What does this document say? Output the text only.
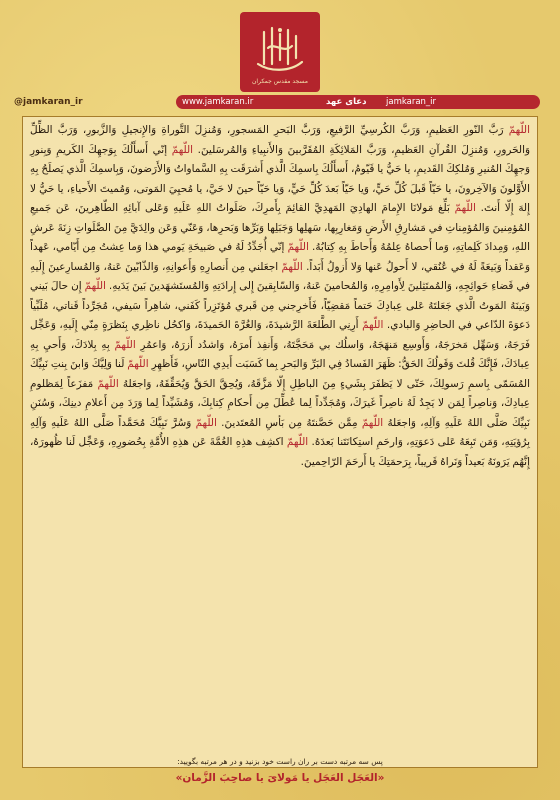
مسجد مقدس جمکران
www.jamkaran.ir	دعای عهد jamkaran_ir
@jamkaran_ir
اللّهمّ رَبَّ النّورِ العَظيمِ، وَرَبَّ الكُرسِيِّ الرَّفيعِ، وَرَبَّ البَحرِ المَسجورِ، وَمُنزِلَ التَّوراةِ وَالإِنجيلِ وَالزَّبورِ، وَرَبَّ الظِّلِّ وَالحَرورِ، وَمُنزِلَ القُرآنِ العَظيمِ، وَرَبَّ المَلائِكَةِ المُقَرَّبينَ وَالأَنبِياءِ وَالمُرسَلينَ. اللّهمّ إنّي أَسأَلُكَ بِوَجهِكَ الكَريمِ وَبِنورِ وَجهِكَ المُنيرِ وَمُلكِكَ القَديمِ، يا حَيُّ يا قَيّومُ، أَسأَلُكَ بِاسمِكَ الَّذي أَشرَقَت بِهِ السَّماواتُ وَالأَرَضونَ، وَبِاسمِكَ الَّذي يَصلَحُ بِهِ الأَوَّلونَ وَالآخِرونَ، يا حَيّاً قَبلَ كُلِّ حَيٍّ، وَيا حَيّاً بَعدَ كُلِّ حَيٍّ، وَيا حَيّاً حينَ لا حَيَّ، يا مُحيِيَ المَوتى، وَمُميتَ الأَحياءِ، يا حَيُّ لا إِلهَ إِلّا أَنتَ. اللّهمّ بَلِّغ مَولانَا الإِمامَ الهادِيَ المَهدِيَّ القائِمَ بِأَمرِكَ، صَلَواتُ اللهِ عَلَيهِ وَعَلى آبائِهِ الطّاهِرينَ، عَن جَميعِ المُؤمِنينَ وَالمُؤمِناتِ في مَشارِقِ الأَرضِ وَمَغارِبِها، سَهلِها وَجَبَلِها وَبَرِّها وَبَحرِها، وَعَنّي وَعَن والِدَيَّ مِنَ الصَّلَواتِ زِنَةَ عَرشِ اللهِ، وَمِدادَ كَلِماتِهِ، وَما أَحصاهُ عِلمُهُ وَأَحاطَ بِهِ كِتابُهُ. اللّهمّ إنّي أُجَدِّدُ لَهُ في صَبيحَةِ يَومي هذا وَما عِشتُ مِن أَيّامي، عَهداً وَعَقداً وَبَيعَةً لَهُ في عُنُقي، لا أَحولُ عَنها وَلا أَزولُ أَبَداً. اللّهمّ اجعَلني مِن أَنصارِهِ وَأَعوانِهِ، وَالذّابّينَ عَنهُ، وَالمُسارِعينَ إِلَيهِ في قَضاءِ حَوائِجِهِ، وَالمُمتَثِلينَ لِأَوامِرِهِ، وَالمُحامينَ عَنهُ، وَالسّابِقينَ إِلى إِرادَتِهِ وَالمُستَشهَدينَ بَينَ يَدَيهِ. اللّهمّ إِن حالَ بَيني وَبَينَهُ المَوتُ الَّذي جَعَلتَهُ عَلى عِبادِكَ حَتماً مَقضِيّاً، فَأَخرِجني مِن قَبري مُؤتَزِراً كَفَني، شاهِراً سَيفي، مُجَرِّداً قَناتي، مُلَبِّياً دَعوَةَ الدّاعي في الحاضِرِ وَالبادي. اللّهمّ أَرِنِي الطَّلعَةَ الرَّشيدَةَ، وَالغُرَّةَ الحَميدَةَ، وَاكحُل ناظِري بِنَظرَةٍ مِنّي إِلَيهِ، وَعَجِّل فَرَجَهُ، وَسَهِّل مَخرَجَهُ، وَأَوسِع مَنهَجَهُ، وَاسلُك بي مَحَجَّتَهُ، وَأَنفِذ أَمرَهُ، وَاشدُد أَزرَهُ، وَاعمُرِ اللّهمّ بِهِ بِلادَكَ، وَأَحيِ بِهِ عِبادَكَ، فَإِنَّكَ قُلتَ وَقَولُكَ الحَقُّ: ظَهَرَ الفَسادُ فِي البَرِّ وَالبَحرِ بِما كَسَبَت أَيدِي النّاسِ، فَأَظهِرِ اللّهمّ لَنا وَلِيَّكَ وَابنَ بِنتِ نَبِيِّكَ المُسَمّى بِاسمِ رَسولِكَ، حَتّى لا يَظفَرَ بِشَيءٍ مِنَ الباطِلِ إِلّا مَزَّقَهُ، وَيُحِقَّ الحَقَّ وَيُحَقِّقَهُ، وَاجعَلهُ اللّهمّ مَفزَعاً لِمَظلومِ عِبادِكَ، وَناصِراً لِمَن لا يَجِدُ لَهُ ناصِراً غَيرَكَ، وَمُجَدِّداً لِما عُطِّلَ مِن أَحكامِ كِتابِكَ، وَمُشَيِّداً لِما وَرَدَ مِن أَعلامِ دينِكَ، وَسُنَنِ نَبِيِّكَ صَلَّى اللهُ عَلَيهِ وَآلِهِ، وَاجعَلهُ اللّهمّ مِمَّن حَصَّنتَهُ مِن بَأسِ المُعتَدينَ. اللّهمّ وَسُرَّ نَبِيَّكَ مُحَمَّداً صَلَّى اللهُ عَلَيهِ وَآلِهِ بِرُؤيَتِهِ، وَمَن تَبِعَهُ عَلى دَعوَتِهِ، وَارحَمِ استِكانَتَنا بَعدَهُ. اللّهمّ اكشِف هذِهِ الغُمَّةَ عَن هذِهِ الأُمَّةِ بِحُضورِهِ، وَعَجِّل لَنا ظُهورَهُ، إِنَّهُم يَرَونَهُ بَعيداً وَنَراهُ قَريباً، بِرَحمَتِكَ يا أَرحَمَ الرّاحِمينَ.
پس سه مرتبه دست بر ران راست خود بزنید و در هر مرتبه بگویید:
«العَجَل العَجَل یا مَولایَ یا صاحِبَ الزَّمان»
